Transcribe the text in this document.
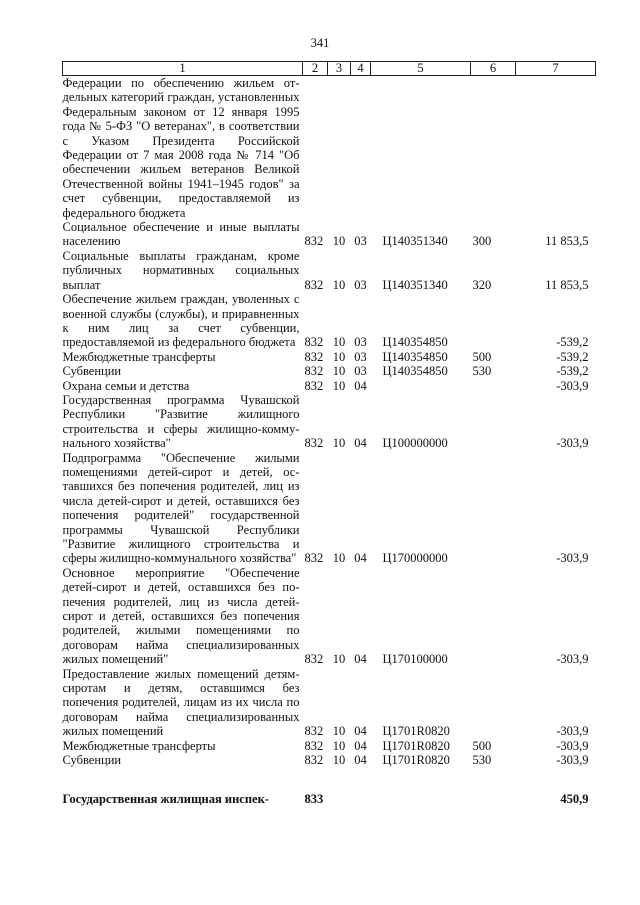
341
1	2	3	4	5	6	7
Федерации по обеспечению жильем отдельных категорий граждан, установленных Федеральным законом от 12 января 1995 года № 5-ФЗ "О ветеранах", в соответствии с Указом Президента Российской Федерации от 7 мая 2008 года № 714 "Об обеспечении жильем ветеранов Великой Отечественной войны 1941–1945 годов" за счет субвенции, предоставляемой из федерального бюджета						
Социальное обеспечение и иные выплаты населению	832	10	03	Ц140351340	300	11 853,5
Социальные выплаты гражданам, кроме публичных нормативных социальных выплат	832	10	03	Ц140351340	320	11 853,5
Обеспечение жильем граждан, уволенных с военной службы (службы), и приравненных к ним лиц за счет субвенции, предоставляемой из федерального бюджета	832	10	03	Ц140354850		-539,2
Межбюджетные трансферты	832	10	03	Ц140354850	500	-539,2
Субвенции	832	10	03	Ц140354850	530	-539,2
Охрана семьи и детства	832	10	04			-303,9
Государственная программа Чувашской Республики "Развитие жилищного строительства и сферы жилищно-коммунального хозяйства"	832	10	04	Ц100000000		-303,9
Подпрограмма "Обеспечение жилыми помещениями детей-сирот и детей, оставшихся без попечения родителей, лиц из числа детей-сирот и детей, оставшихся без попечения родителей" государственной программы Чувашской Республики "Развитие жилищного строительства и сферы жилищно-коммунального хозяйства"	832	10	04	Ц170000000		-303,9
Основное мероприятие "Обеспечение детей-сирот и детей, оставшихся без попечения родителей, лиц из числа детей-сирот и детей, оставшихся без попечения родителей, жилыми помещениями по договорам найма специализированных жилых помещений"	832	10	04	Ц170100000		-303,9
Предоставление жилых помещений детям-сиротам и детям, оставшимся без попечения родителей, лицам из их числа по договорам найма специализированных жилых помещений	832	10	04	Ц1701R0820		-303,9
Межбюджетные трансферты	832	10	04	Ц1701R0820	500	-303,9
Субвенции	832	10	04	Ц1701R0820	530	-303,9

Государственная жилищная инспек-	833					450,9
